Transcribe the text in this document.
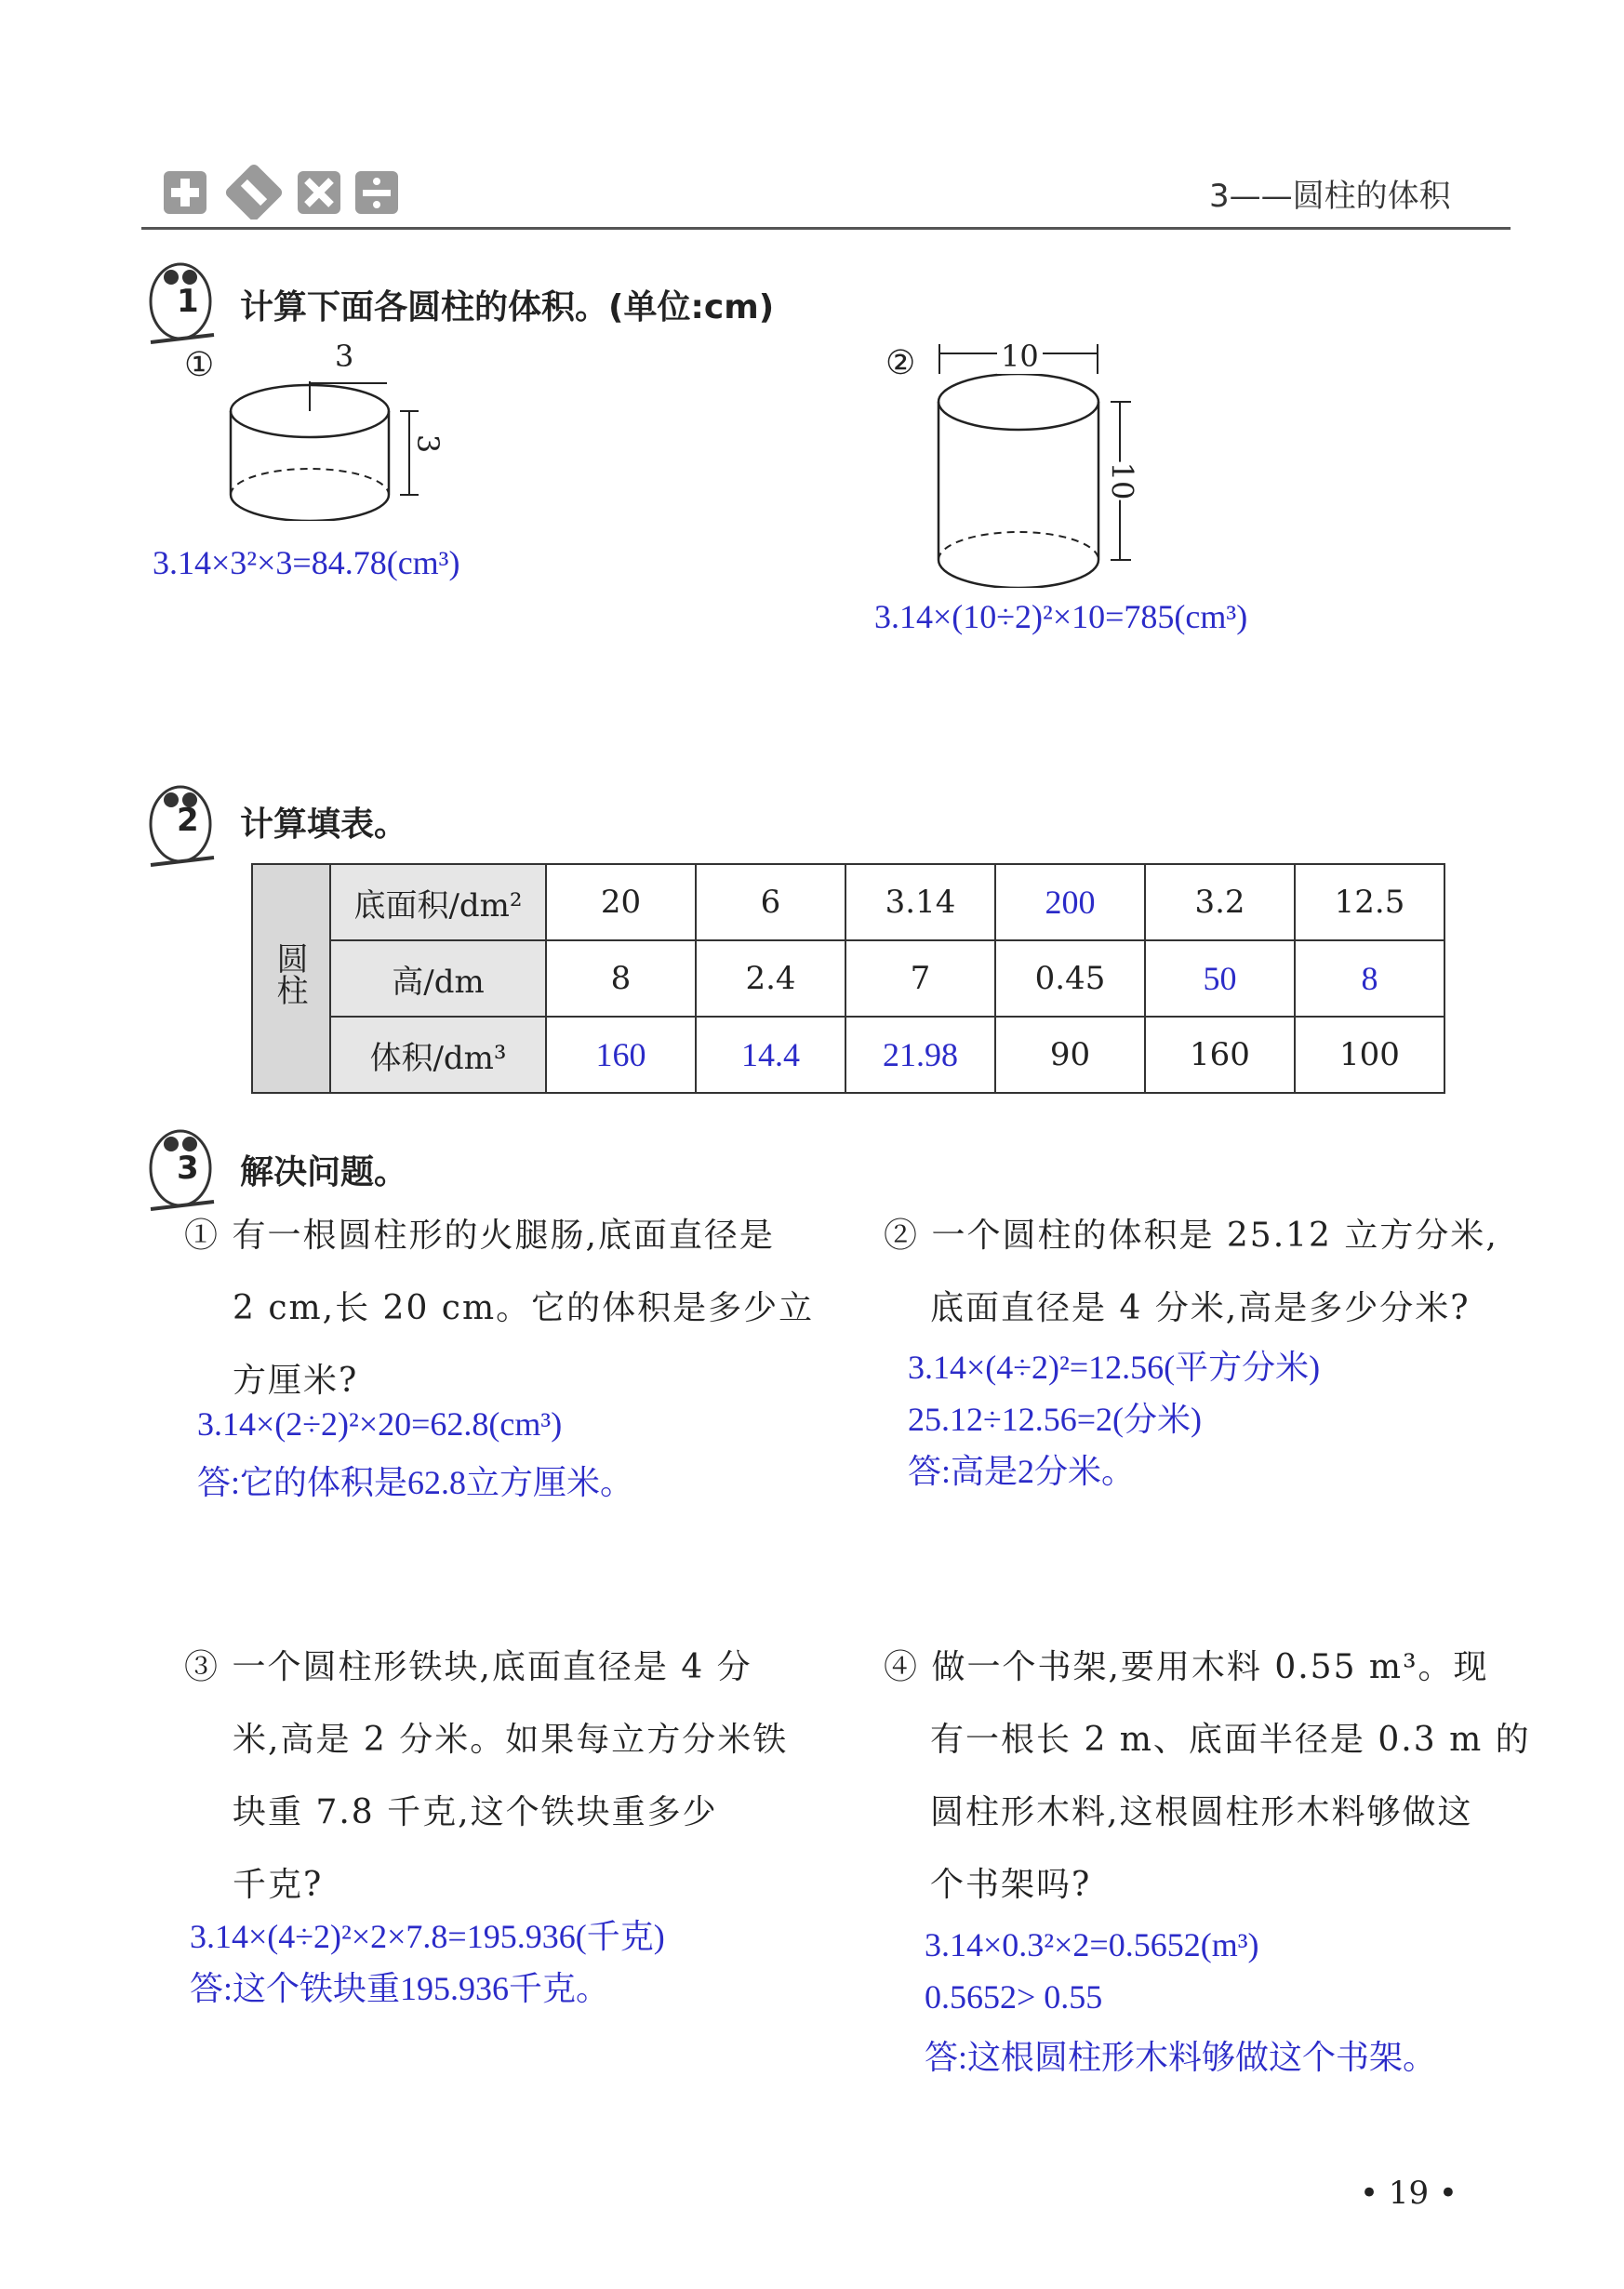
3——圆柱的体积
1 计算下面各圆柱的体积。(单位:cm)
①	3
3
3.14×3²×3=84.78(cm³)
②	10
10
3.14×(10÷2)²×10=785(cm³)
2 计算填表。
圆柱	底面积/dm²	20	6	3.14	200	3.2	12.5
	高/dm	8	2.4	7	0.45	50	8
	体积/dm³	160	14.4	21.98	90	160	100
3 解决问题。
① 有一根圆柱形的火腿肠,底面直径是
2 cm,长 20 cm。它的体积是多少立
方厘米?
3.14×(2÷2)²×20=62.8(cm³)
答:它的体积是62.8立方厘米。
② 一个圆柱的体积是 25.12 立方分米,
底面直径是 4 分米,高是多少分米?
3.14×(4÷2)²=12.56(平方分米)
25.12÷12.56=2(分米)
答:高是2分米。
③ 一个圆柱形铁块,底面直径是 4 分
米,高是 2 分米。如果每立方分米铁
块重 7.8 千克,这个铁块重多少
千克?
3.14×(4÷2)²×2×7.8=195.936(千克)
答:这个铁块重195.936千克。
④ 做一个书架,要用木料 0.55 m³。现
有一根长 2 m、底面半径是 0.3 m 的
圆柱形木料,这根圆柱形木料够做这
个书架吗?
3.14×0.3²×2=0.5652(m³)
0.5652> 0.55
答:这根圆柱形木料够做这个书架。
• 19 •
